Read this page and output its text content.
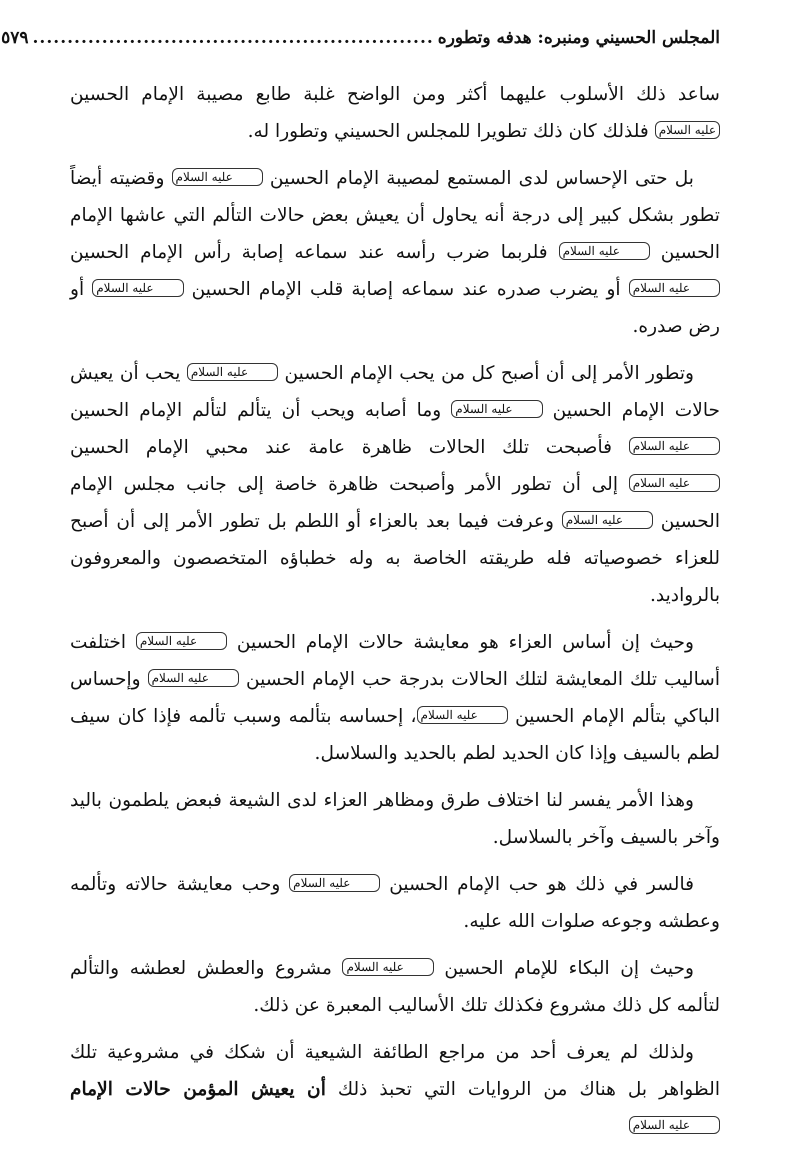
المجلس الحسيني ومنبره: هدفه وتطوره
..........................................................
٥٧٩

ساعد ذلك الأسلوب عليهما أكثر ومن الواضح غلبة طابع مصيبة الإمام الحسين عليه السلام فلذلك كان ذلك تطويرا للمجلس الحسيني وتطورا له.

بل حتى الإحساس لدى المستمع لمصيبة الإمام الحسين عليه السلام وقضيته أيضاً تطور بشكل كبير إلى درجة أنه يحاول أن يعيش بعض حالات التألم التي عاشها الإمام الحسين عليه السلام فلربما ضرب رأسه عند سماعه إصابة رأس الإمام الحسين عليه السلام أو يضرب صدره عند سماعه إصابة قلب الإمام الحسين عليه السلام أو رض صدره.

وتطور الأمر إلى أن أصبح كل من يحب الإمام الحسين عليه السلام يحب أن يعيش حالات الإمام الحسين عليه السلام وما أصابه ويحب أن يتألم لتألم الإمام الحسين عليه السلام فأصبحت تلك الحالات ظاهرة عامة عند محبي الإمام الحسين عليه السلام إلى أن تطور الأمر وأصبحت ظاهرة خاصة إلى جانب مجلس الإمام الحسين عليه السلام وعرفت فيما بعد بالعزاء أو اللطم بل تطور الأمر إلى أن أصبح للعزاء خصوصياته فله طريقته الخاصة به وله خطباؤه المتخصصون والمعروفون بالرواديد.

وحيث إن أساس العزاء هو معايشة حالات الإمام الحسين عليه السلام اختلفت أساليب تلك المعايشة لتلك الحالات بدرجة حب الإمام الحسين عليه السلام وإحساس الباكي بتألم الإمام الحسين عليه السلام، إحساسه بتألمه وسبب تألمه فإذا كان سيف لطم بالسيف وإذا كان الحديد لطم بالحديد والسلاسل.

وهذا الأمر يفسر لنا اختلاف طرق ومظاهر العزاء لدى الشيعة فبعض يلطمون باليد وآخر بالسيف وآخر بالسلاسل.

فالسر في ذلك هو حب الإمام الحسين عليه السلام وحب معايشة حالاته وتألمه وعطشه وجوعه صلوات الله عليه.

وحيث إن البكاء للإمام الحسين عليه السلام مشروع والعطش لعطشه والتألم لتألمه كل ذلك مشروع فكذلك تلك الأساليب المعبرة عن ذلك.

ولذلك لم يعرف أحد من مراجع الطائفة الشيعية أن شكك في مشروعية تلك الظواهر بل هناك من الروايات التي تحبذ ذلك أن يعيش المؤمن حالات الإمام عليه السلام
